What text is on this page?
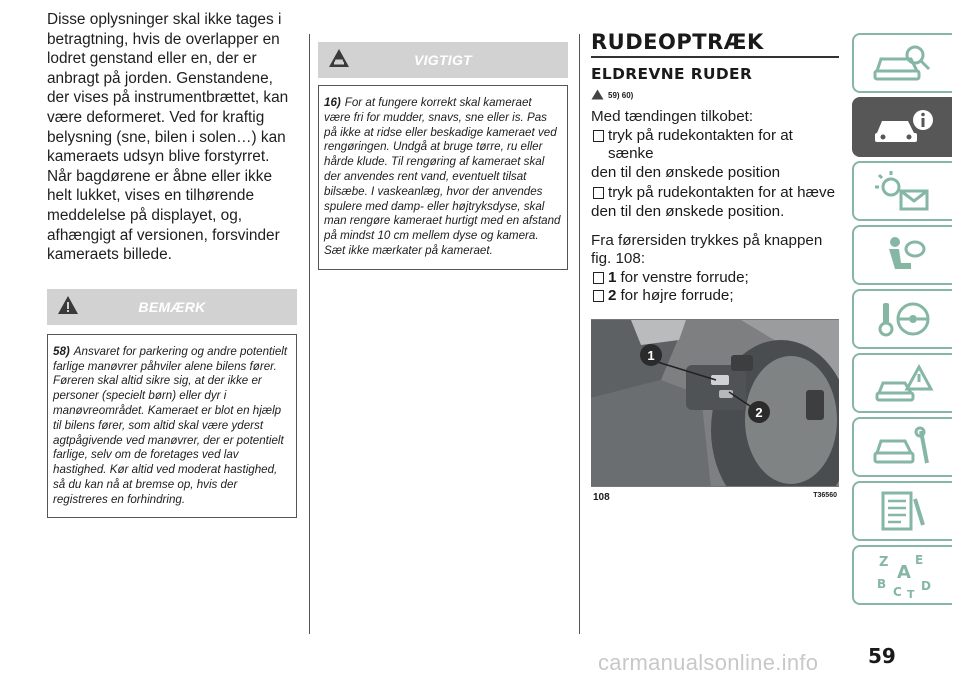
Disse oplysninger skal ikke tages i betragtning, hvis de overlapper en lodret genstand eller en, der er anbragt på jorden. Genstandene, der vises på instrumentbrættet, kan være deformeret. Ved for kraftig belysning (sne, bilen i solen…) kan kameraets udsyn blive forstyrret. Når bagdørene er åbne eller ikke helt lukket, vises en tilhørende meddelelse på displayet, og, afhængigt af versionen, forsvinder kameraets billede.

BEMÆRK
58) Ansvaret for parkering og andre potentielt farlige manøvrer påhviler alene bilens fører. Føreren skal altid sikre sig, at der ikke er personer (specielt børn) eller dyr i manøvreområdet. Kameraet er blot en hjælp til bilens fører, som altid skal være yderst agtpågivende ved manøvrer, der er potentielt farlige, selv om de foretages ved lav hastighed. Kør altid ved moderat hastighed, så du kan nå at bremse op, hvis der registreres en forhindring.
VIGTIGT
16) For at fungere korrekt skal kameraet være fri for mudder, snavs, sne eller is. Pas på ikke at ridse eller beskadige kameraet ved rengøringen. Undgå at bruge tørre, ru eller hårde klude. Til rengøring af kameraet skal der anvendes rent vand, eventuelt tilsat bilsæbe. I vaskeanlæg, hvor der anvendes spulere med damp- eller højtryksdyse, skal man rengøre kameraet hurtigt med en afstand på mindst 10 cm mellem dyse og kamera. Sæt ikke mærkater på kameraet.
RUDEOPTRÆK
ELDREVNE RUDER
59) 60)
Med tændingen tilkobet:
tryk på rudekontakten for at sænke
den til den ønskede position
tryk på rudekontakten for at hæve
den til den ønskede position.
Fra førersiden trykkes på knappen fig. 108:
1 for venstre forrude;
2 for højre forrude;
1
2
108	T36560
Z E
A
B	D
C T
59
carmanualsonline.info
